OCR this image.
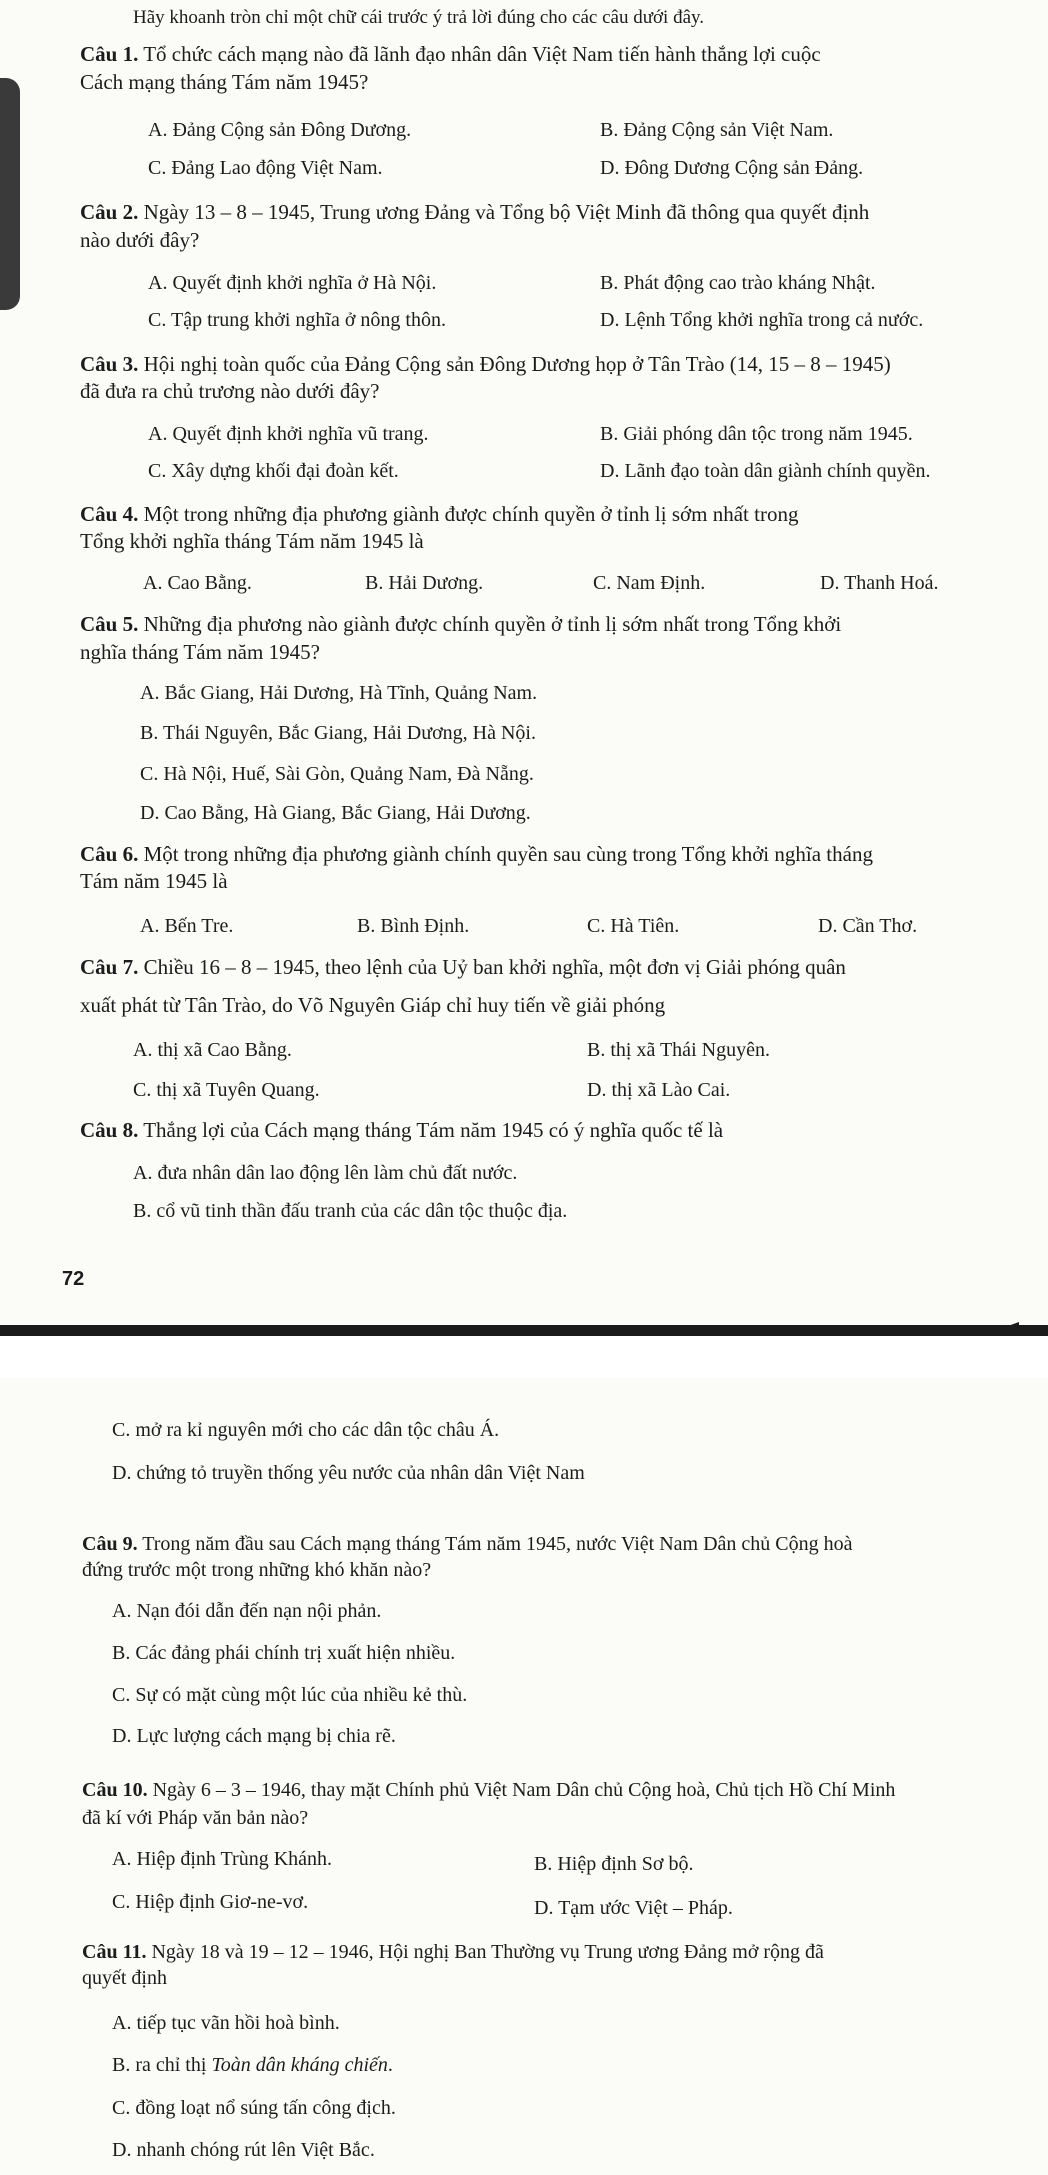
Hãy khoanh tròn chỉ một chữ cái trước ý trả lời đúng cho các câu dưới đây.
Câu 1. Tổ chức cách mạng nào đã lãnh đạo nhân dân Việt Nam tiến hành thắng lợi cuộc
Cách mạng tháng Tám năm 1945?
A. Đảng Cộng sản Đông Dương.	B. Đảng Cộng sản Việt Nam.
C. Đảng Lao động Việt Nam.	D. Đông Dương Cộng sản Đảng.
Câu 2. Ngày 13 – 8 – 1945, Trung ương Đảng và Tổng bộ Việt Minh đã thông qua quyết định
nào dưới đây?
A. Quyết định khởi nghĩa ở Hà Nội.	B. Phát động cao trào kháng Nhật.
C. Tập trung khởi nghĩa ở nông thôn.	D. Lệnh Tổng khởi nghĩa trong cả nước.
Câu 3. Hội nghị toàn quốc của Đảng Cộng sản Đông Dương họp ở Tân Trào (14, 15 – 8 – 1945)
đã đưa ra chủ trương nào dưới đây?
A. Quyết định khởi nghĩa vũ trang.	B. Giải phóng dân tộc trong năm 1945.
C. Xây dựng khối đại đoàn kết.	D. Lãnh đạo toàn dân giành chính quyền.
Câu 4. Một trong những địa phương giành được chính quyền ở tỉnh lị sớm nhất trong
Tổng khởi nghĩa tháng Tám năm 1945 là
A. Cao Bằng.	B. Hải Dương.	C. Nam Định.	D. Thanh Hoá.
Câu 5. Những địa phương nào giành được chính quyền ở tỉnh lị sớm nhất trong Tổng khởi
nghĩa tháng Tám năm 1945?
A. Bắc Giang, Hải Dương, Hà Tĩnh, Quảng Nam.
B. Thái Nguyên, Bắc Giang, Hải Dương, Hà Nội.
C. Hà Nội, Huế, Sài Gòn, Quảng Nam, Đà Nẵng.
D. Cao Bằng, Hà Giang, Bắc Giang, Hải Dương.
Câu 6. Một trong những địa phương giành chính quyền sau cùng trong Tổng khởi nghĩa tháng
Tám năm 1945 là
A. Bến Tre.	B. Bình Định.	C. Hà Tiên.	D. Cần Thơ.
Câu 7. Chiều 16 – 8 – 1945, theo lệnh của Uỷ ban khởi nghĩa, một đơn vị Giải phóng quân
xuất phát từ Tân Trào, do Võ Nguyên Giáp chỉ huy tiến về giải phóng
A. thị xã Cao Bằng.	B. thị xã Thái Nguyên.
C. thị xã Tuyên Quang.	D. thị xã Lào Cai.
Câu 8. Thắng lợi của Cách mạng tháng Tám năm 1945 có ý nghĩa quốc tế là
A. đưa nhân dân lao động lên làm chủ đất nước.
B. cổ vũ tinh thần đấu tranh của các dân tộc thuộc địa.
72
C. mở ra kỉ nguyên mới cho các dân tộc châu Á.
D. chứng tỏ truyền thống yêu nước của nhân dân Việt Nam
Câu 9. Trong năm đầu sau Cách mạng tháng Tám năm 1945, nước Việt Nam Dân chủ Cộng hoà
đứng trước một trong những khó khăn nào?
A. Nạn đói dẫn đến nạn nội phản.
B. Các đảng phái chính trị xuất hiện nhiều.
C. Sự có mặt cùng một lúc của nhiều kẻ thù.
D. Lực lượng cách mạng bị chia rẽ.
Câu 10. Ngày 6 – 3 – 1946, thay mặt Chính phủ Việt Nam Dân chủ Cộng hoà, Chủ tịch Hồ Chí Minh
đã kí với Pháp văn bản nào?
A. Hiệp định Trùng Khánh.	B. Hiệp định Sơ bộ.
C. Hiệp định Giơ-ne-vơ.	D. Tạm ước Việt – Pháp.
Câu 11. Ngày 18 và 19 – 12 – 1946, Hội nghị Ban Thường vụ Trung ương Đảng mở rộng đã
quyết định
A. tiếp tục vãn hồi hoà bình.
B. ra chỉ thị Toàn dân kháng chiến.
C. đồng loạt nổ súng tấn công địch.
D. nhanh chóng rút lên Việt Bắc.
